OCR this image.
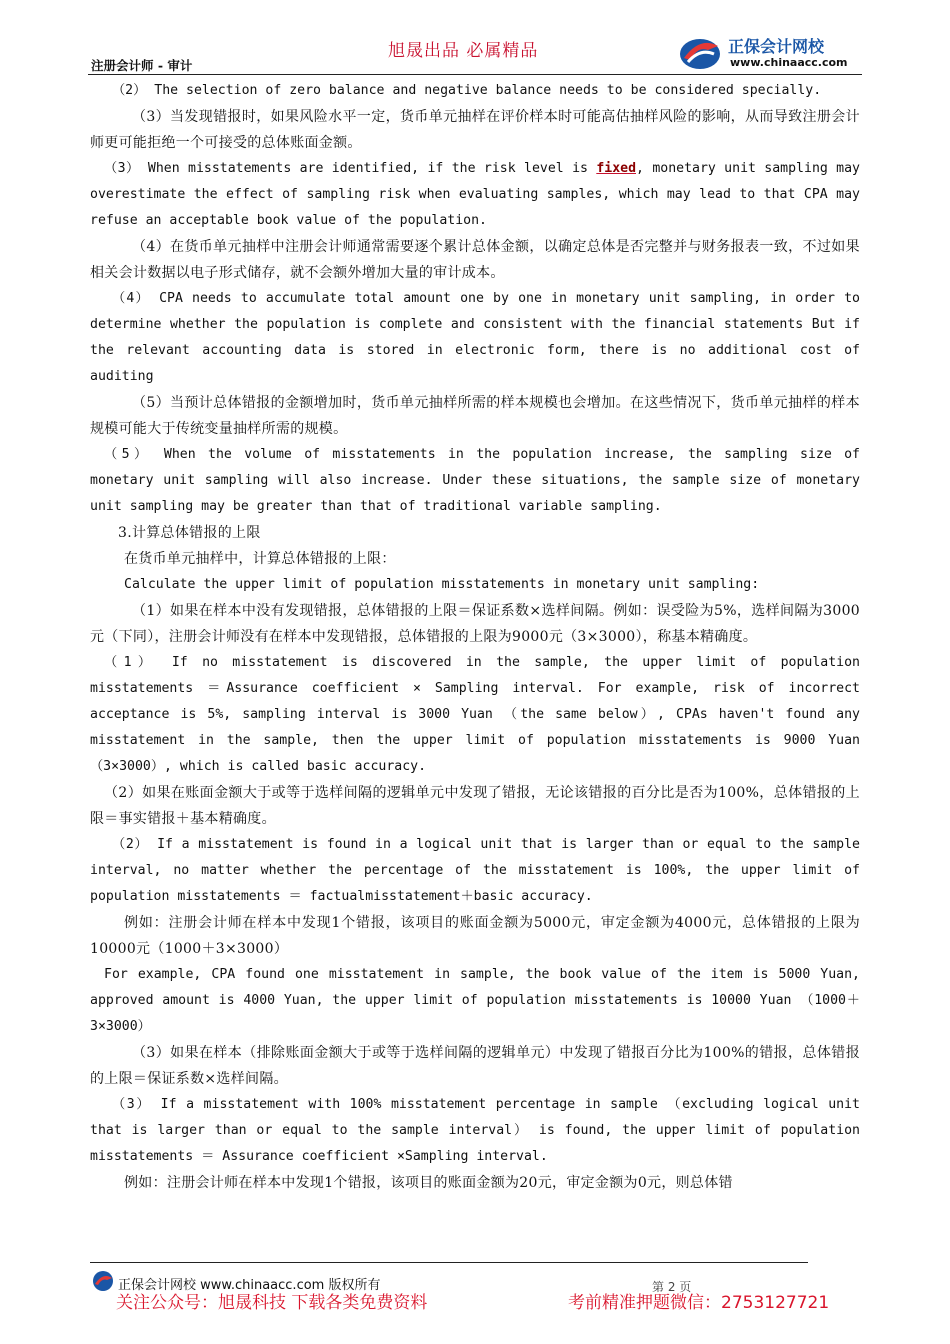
旭晟出品 必属精品
注册会计师 - 审计
正保会计网校
www.chinaacc.com

（2） The selection of zero balance and negative balance needs to be considered specially.

（3）当发现错报时，如果风险水平一定，货币单元抽样在评价样本时可能高估抽样风险的影响，从而导致注册会计师更可能拒绝一个可接受的总体账面金额。

（3） When misstatements are identified, if the risk level is fixed, monetary unit sampling may overestimate the effect of sampling risk when evaluating samples, which may lead to that CPA may refuse an acceptable book value of the population.

（4）在货币单元抽样中注册会计师通常需要逐个累计总体金额，以确定总体是否完整并与财务报表一致，不过如果相关会计数据以电子形式储存，就不会额外增加大量的审计成本。

（4） CPA needs to accumulate total amount one by one in monetary unit sampling, in order to determine whether the population is complete and consistent with the financial statements But if the relevant accounting data is stored in electronic form, there is no additional cost of auditing

（5）当预计总体错报的金额增加时，货币单元抽样所需的样本规模也会增加。在这些情况下，货币单元抽样的样本规模可能大于传统变量抽样所需的规模。

（5） When the volume of misstatements in the population increase, the sampling size of monetary unit sampling will also increase. Under these situations, the sample size of monetary unit sampling may be greater than that of traditional variable sampling.

3.计算总体错报的上限

在货币单元抽样中，计算总体错报的上限：

Calculate the upper limit of population misstatements in monetary unit sampling:

（1）如果在样本中没有发现错报，总体错报的上限＝保证系数×选样间隔。例如：误受险为5%，选样间隔为3000元（下同），注册会计师没有在样本中发现错报，总体错报的上限为9000元（3×3000），称基本精确度。

（1） If no misstatement is discovered in the sample, the upper limit of population misstatements ＝Assurance coefficient × Sampling interval. For example, risk of incorrect acceptance is 5%, sampling interval is 3000 Yuan （the same below）, CPAs haven't found any misstatement in the sample, then the upper limit of population misstatements is 9000 Yuan （3×3000）, which is called basic accuracy.

（2）如果在账面金额大于或等于选样间隔的逻辑单元中发现了错报，无论该错报的百分比是否为100%，总体错报的上限＝事实错报＋基本精确度。

（2） If a misstatement is found in a logical unit that is larger than or equal to the sample interval, no matter whether the percentage of the misstatement is 100%, the upper limit of population misstatements ＝ factualmisstatement＋basic accuracy.

例如：注册会计师在样本中发现1个错报，该项目的账面金额为5000元，审定金额为4000元，总体错报的上限为10000元（1000＋3×3000）

For example, CPA found one misstatement in sample, the book value of the item is 5000 Yuan, approved amount is 4000 Yuan, the upper limit of population misstatements is 10000 Yuan （1000＋3×3000）

（3）如果在样本（排除账面金额大于或等于选样间隔的逻辑单元）中发现了错报百分比为100%的错报，总体错报的上限＝保证系数×选样间隔。

（3） If a misstatement with 100% misstatement percentage in sample （excluding logical unit that is larger than or equal to the sample interval） is found, the upper limit of population misstatements ＝ Assurance coefficient ×Sampling interval.

例如：注册会计师在样本中发现1个错报，该项目的账面金额为20元，审定金额为0元，则总体错

正保会计网校 www.chinaacc.com 版权所有	第 2 页
关注公众号：旭晟科技 下载各类免费资料	考前精准押题微信：2753127721
